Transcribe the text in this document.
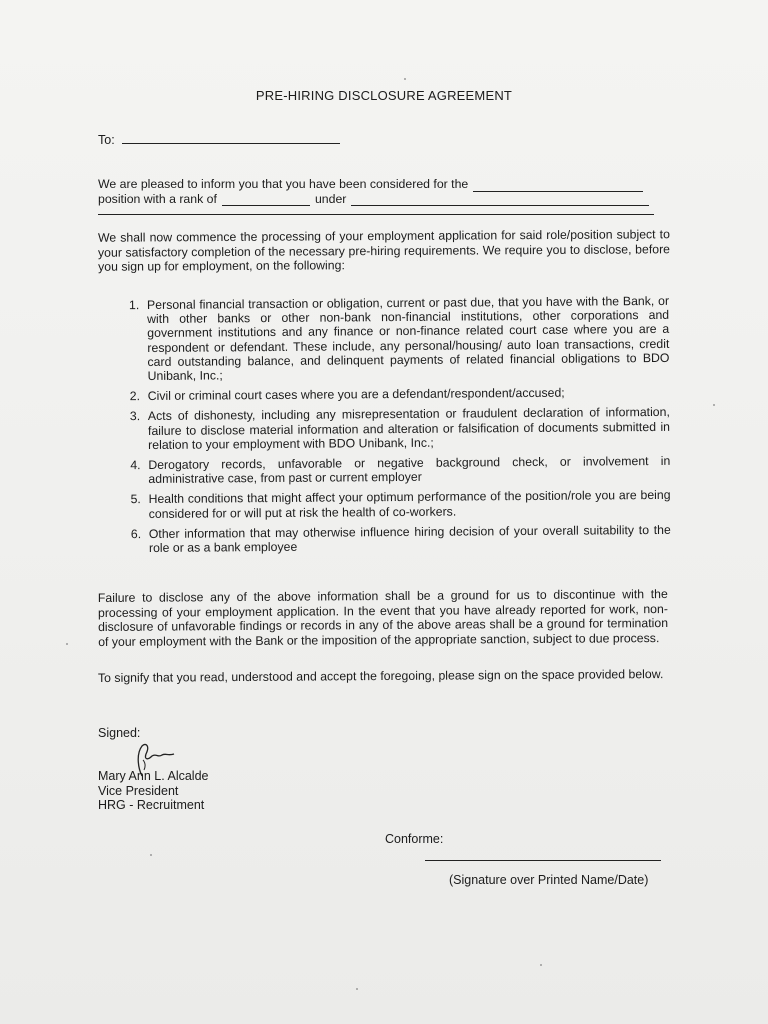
PRE-HIRING DISCLOSURE AGREEMENT
To:
We are pleased to inform you that you have been considered for the
position with a rank of	under
We shall now commence the processing of your employment application for said role/position subject to your satisfactory completion of the necessary pre-hiring requirements. We require you to disclose, before you sign up for employment, on the following:
1. Personal financial transaction or obligation, current or past due, that you have with the Bank, or with other banks or other non-bank non-financial institutions, other corporations and government institutions and any finance or non-finance related court case where you are a respondent or defendant. These include, any personal/housing/ auto loan transactions, credit card outstanding balance, and delinquent payments of related financial obligations to BDO Unibank, Inc.;
2. Civil or criminal court cases where you are a defendant/respondent/accused;
3. Acts of dishonesty, including any misrepresentation or fraudulent declaration of information, failure to disclose material information and alteration or falsification of documents submitted in relation to your employment with BDO Unibank, Inc.;
4. Derogatory records, unfavorable or negative background check, or involvement in administrative case, from past or current employer
5. Health conditions that might affect your optimum performance of the position/role you are being considered for or will put at risk the health of co-workers.
6. Other information that may otherwise influence hiring decision of your overall suitability to the role or as a bank employee
Failure to disclose any of the above information shall be a ground for us to discontinue with the processing of your employment application. In the event that you have already reported for work, non-disclosure of unfavorable findings or records in any of the above areas shall be a ground for termination of your employment with the Bank or the imposition of the appropriate sanction, subject to due process.
To signify that you read, understood and accept the foregoing, please sign on the space provided below.
Signed:
Mary Ann L. Alcalde
Vice President
HRG - Recruitment
Conforme:
(Signature over Printed Name/Date)
